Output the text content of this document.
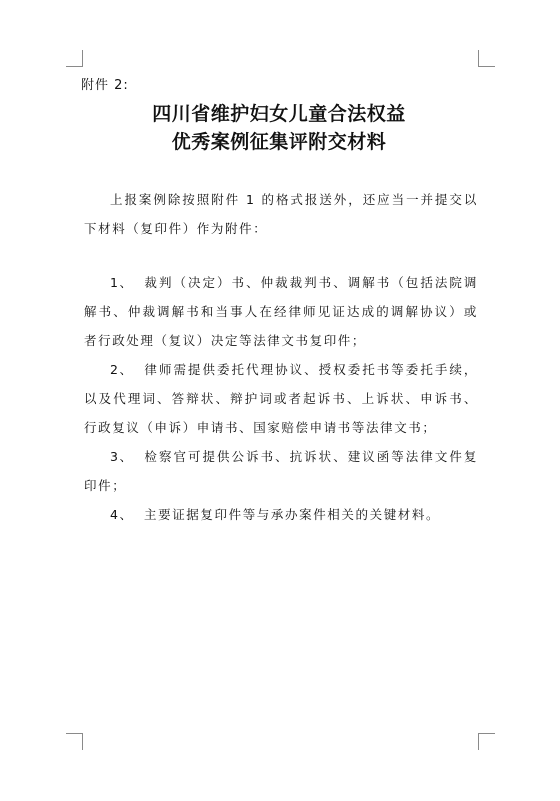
附件 2:
四川省维护妇女儿童合法权益
优秀案例征集评附交材料

上报案例除按照附件 1 的格式报送外，还应当一并提交以下材料（复印件）作为附件：

1、 裁判（决定）书、仲裁裁判书、调解书（包括法院调解书、仲裁调解书和当事人在经律师见证达成的调解协议）或者行政处理（复议）决定等法律文书复印件；

2、 律师需提供委托代理协议、授权委托书等委托手续，以及代理词、答辩状、辩护词或者起诉书、上诉状、申诉书、行政复议（申诉）申请书、国家赔偿申请书等法律文书；

3、 检察官可提供公诉书、抗诉状、建议函等法律文件复印件；

4、 主要证据复印件等与承办案件相关的关键材料。
